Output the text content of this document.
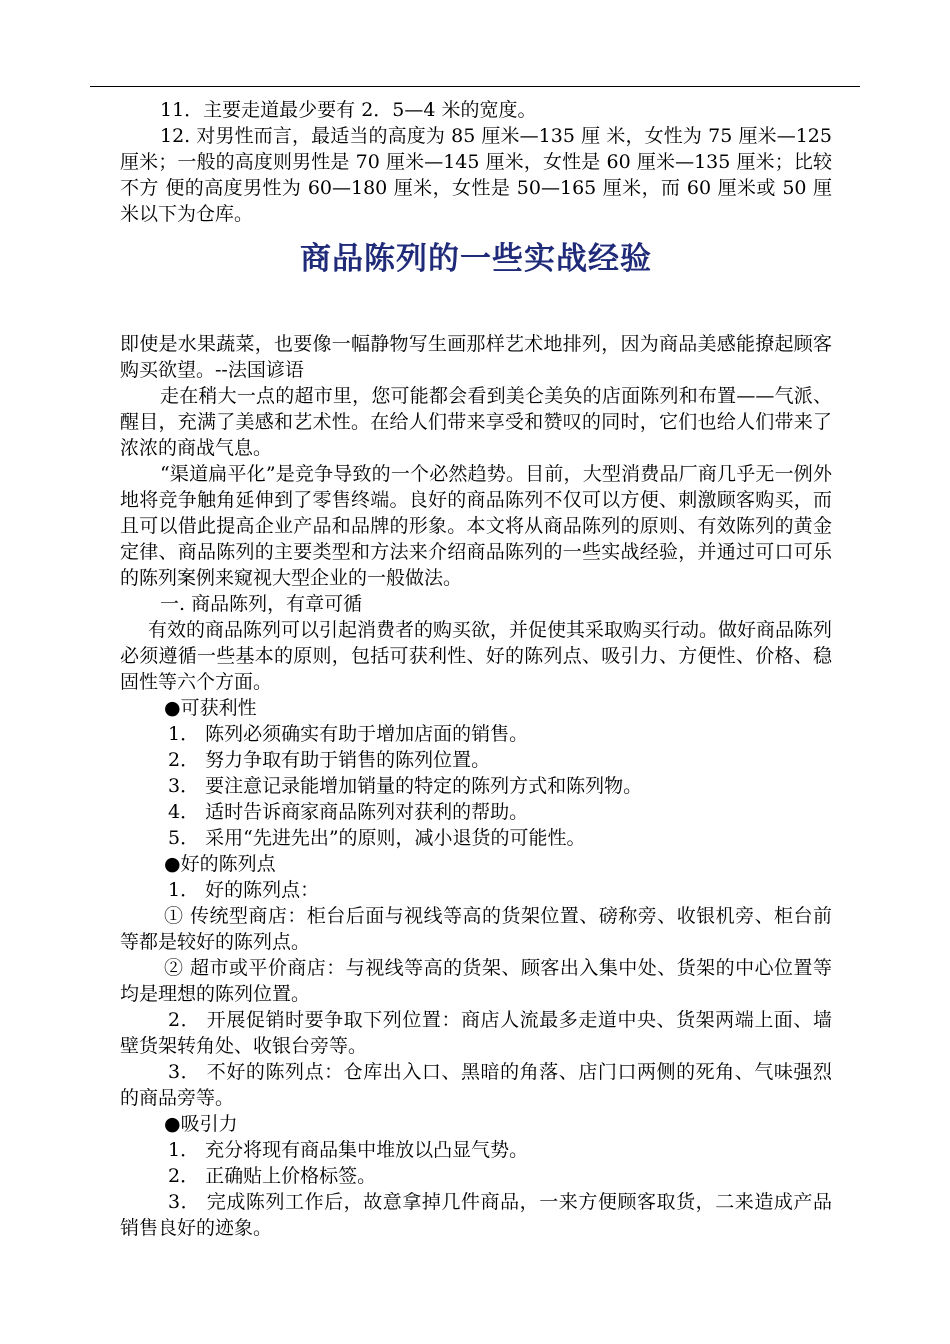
11．主要走道最少要有 2．5—4 米的宽度。

12. 对男性而言，最适当的高度为 85 厘米—135 厘 米，女性为 75 厘米—125 厘米；一般的高度则男性是 70 厘米—145 厘米，女性是 60 厘米—135 厘米；比较不方 便的高度男性为 60—180 厘米，女性是 50—165 厘米，而 60 厘米或 50 厘米以下为仓库。

商品陈列的一些实战经验

即使是水果蔬菜，也要像一幅静物写生画那样艺术地排列，因为商品美感能撩起顾客购买欲望。--法国谚语

走在稍大一点的超市里，您可能都会看到美仑美奂的店面陈列和布置——气派、醒目，充满了美感和艺术性。在给人们带来享受和赞叹的同时，它们也给人们带来了浓浓的商战气息。

“渠道扁平化”是竞争导致的一个必然趋势。目前，大型消费品厂商几乎无一例外地将竞争触角延伸到了零售终端。良好的商品陈列不仅可以方便、刺激顾客购买，而且可以借此提高企业产品和品牌的形象。本文将从商品陈列的原则、有效陈列的黄金定律、商品陈列的主要类型和方法来介绍商品陈列的一些实战经验，并通过可口可乐的陈列案例来窥视大型企业的一般做法。

一. 商品陈列，有章可循

有效的商品陈列可以引起消费者的购买欲，并促使其采取购买行动。做好商品陈列必须遵循一些基本的原则，包括可获利性、好的陈列点、吸引力、方便性、价格、稳固性等六个方面。

●可获利性

1． 陈列必须确实有助于增加店面的销售。

2． 努力争取有助于销售的陈列位置。

3． 要注意记录能增加销量的特定的陈列方式和陈列物。

4． 适时告诉商家商品陈列对获利的帮助。

5． 采用“先进先出”的原则，减小退货的可能性。

●好的陈列点

1． 好的陈列点：

① 传统型商店：柜台后面与视线等高的货架位置、磅称旁、收银机旁、柜台前等都是较好的陈列点。

② 超市或平价商店：与视线等高的货架、顾客出入集中处、货架的中心位置等均是理想的陈列位置。

2． 开展促销时要争取下列位置：商店人流最多走道中央、货架两端上面、墙壁货架转角处、收银台旁等。

3． 不好的陈列点：仓库出入口、黑暗的角落、店门口两侧的死角、气味强烈的商品旁等。

●吸引力

1． 充分将现有商品集中堆放以凸显气势。

2． 正确贴上价格标签。

3． 完成陈列工作后，故意拿掉几件商品，一来方便顾客取货，二来造成产品销售良好的迹象。
